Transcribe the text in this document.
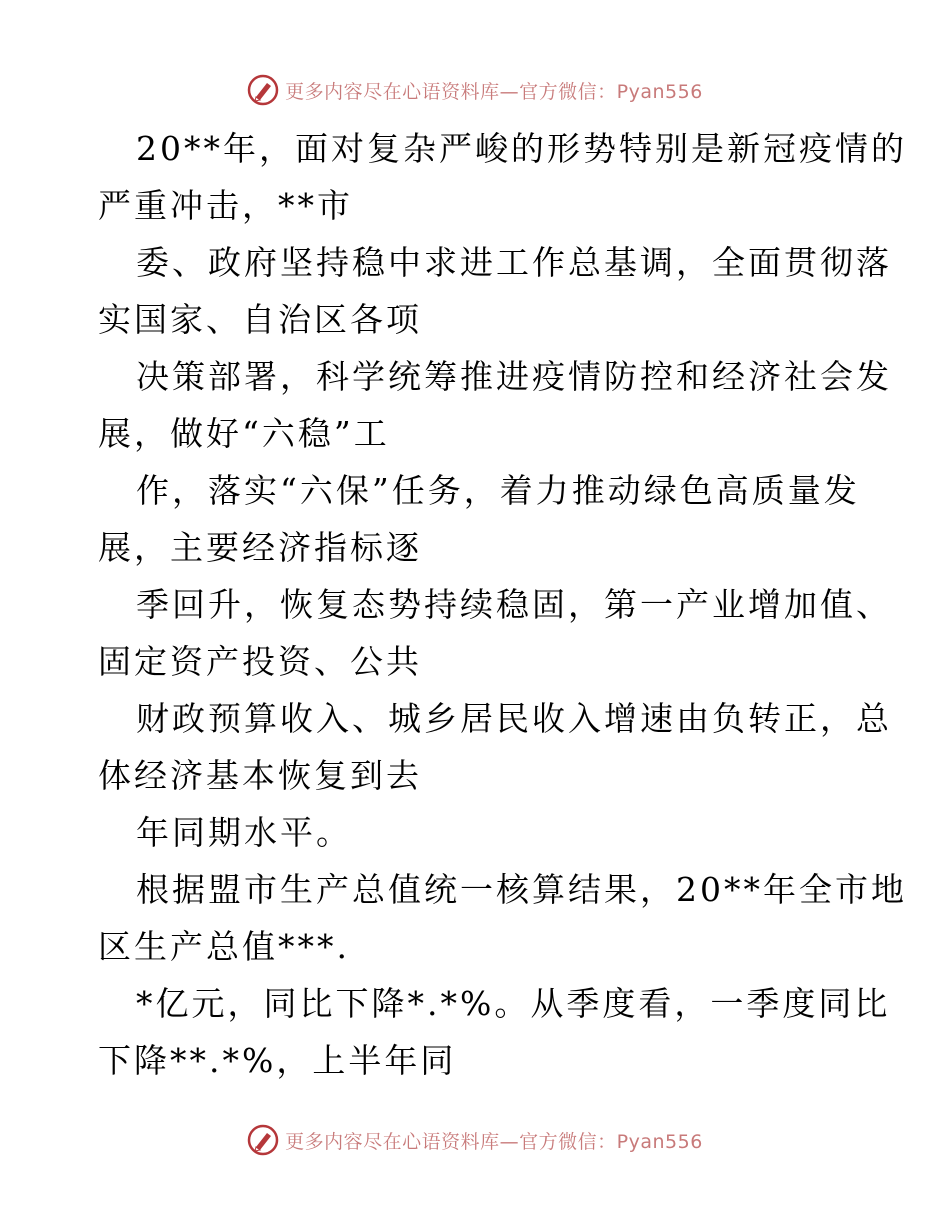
更多内容尽在心语资料库—官方微信：Pyan556
20**年，面对复杂严峻的形势特别是新冠疫情的
严重冲击，**市
委、政府坚持稳中求进工作总基调，全面贯彻落
实国家、自治区各项
决策部署，科学统筹推进疫情防控和经济社会发
展，做好“六稳”工
作，落实“六保”任务，着力推动绿色高质量发
展，主要经济指标逐
季回升，恢复态势持续稳固，第一产业增加值、
固定资产投资、公共
财政预算收入、城乡居民收入增速由负转正，总
体经济基本恢复到去
年同期水平。
根据盟市生产总值统一核算结果，20**年全市地
区生产总值***.
*亿元，同比下降*.*%。从季度看，一季度同比
下降**.*%，上半年同
更多内容尽在心语资料库—官方微信：Pyan556
